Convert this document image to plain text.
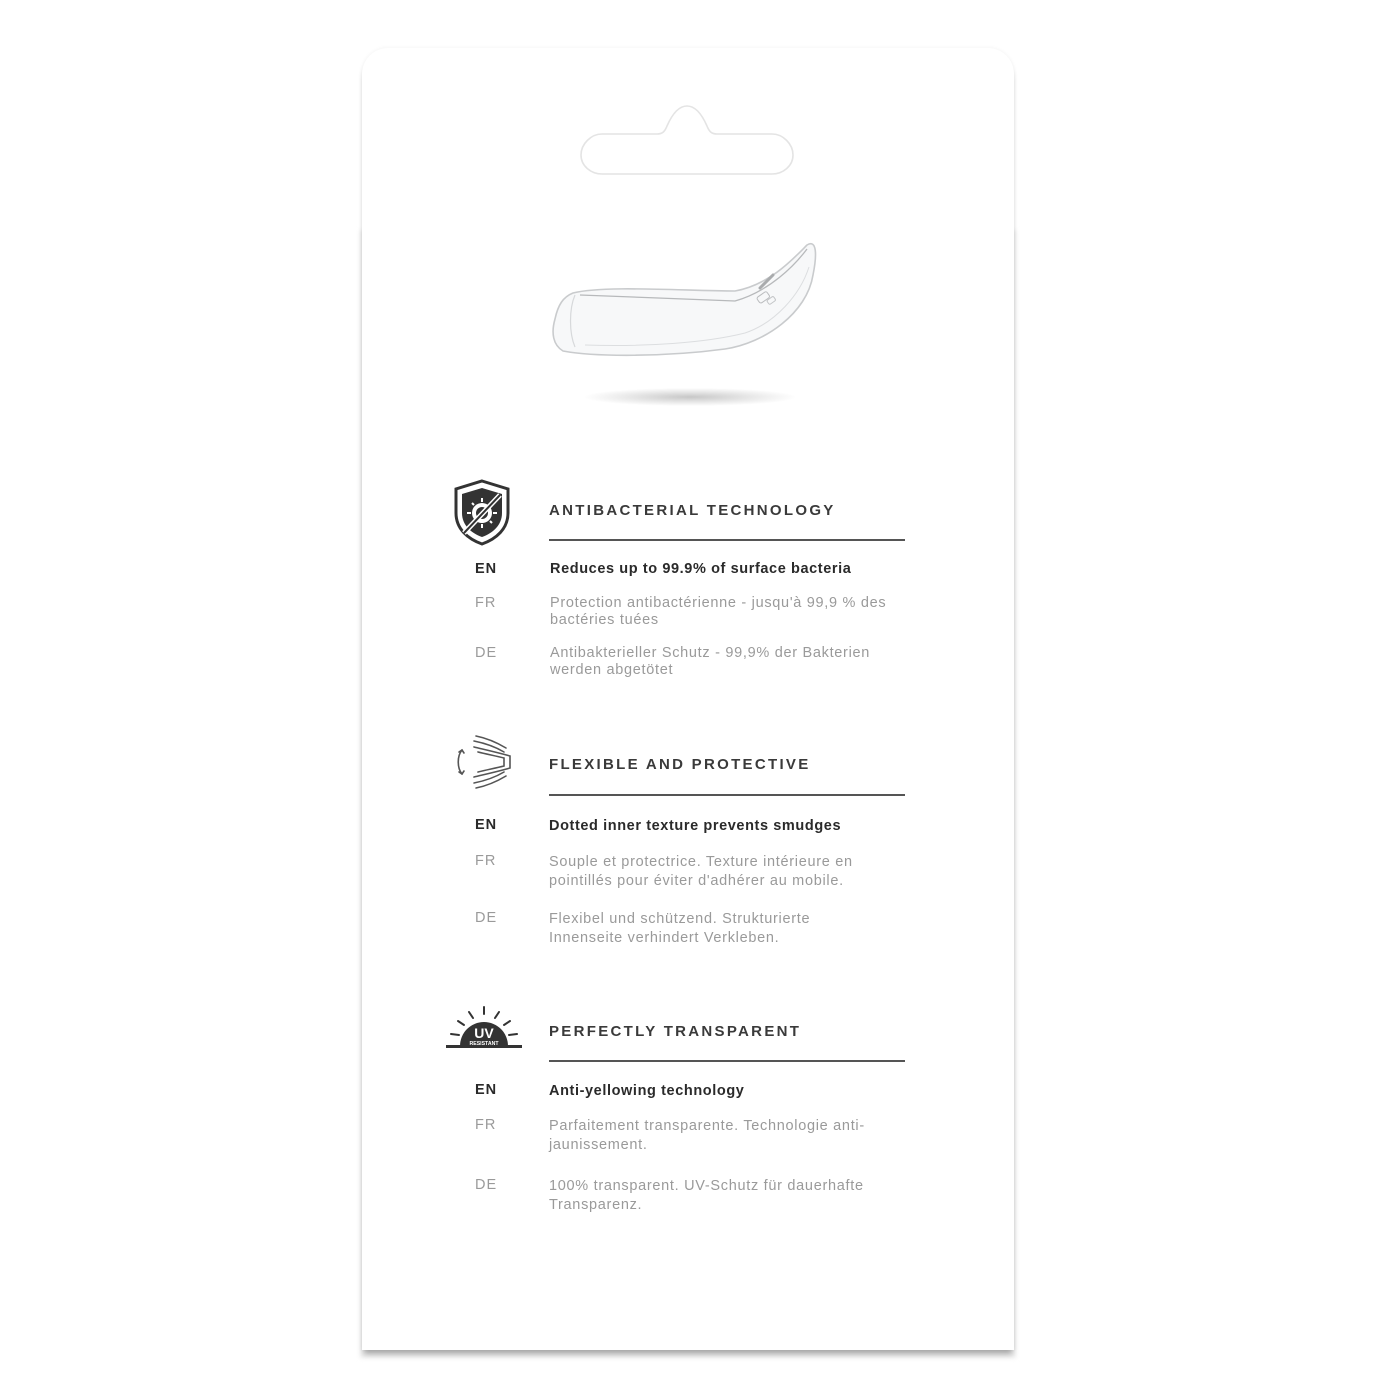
ANTIBACTERIAL TECHNOLOGY
EN	Reduces up to 99.9% of surface bacteria
FR	Protection antibactérienne - jusqu'à 99,9 % des bactéries tuées
DE	Antibakterieller Schutz - 99,9% der Bakterien werden abgetötet
FLEXIBLE AND PROTECTIVE
EN	Dotted inner texture prevents smudges
FR	Souple et protectrice. Texture intérieure en pointillés pour éviter d'adhérer au mobile.
DE	Flexibel und schützend. Strukturierte Innenseite verhindert Verkleben.
UV
RESISTANT
PERFECTLY TRANSPARENT
EN	Anti-yellowing technology
FR	Parfaitement transparente. Technologie anti-jaunissement.
DE	100% transparent. UV-Schutz für dauerhafte Transparenz.
